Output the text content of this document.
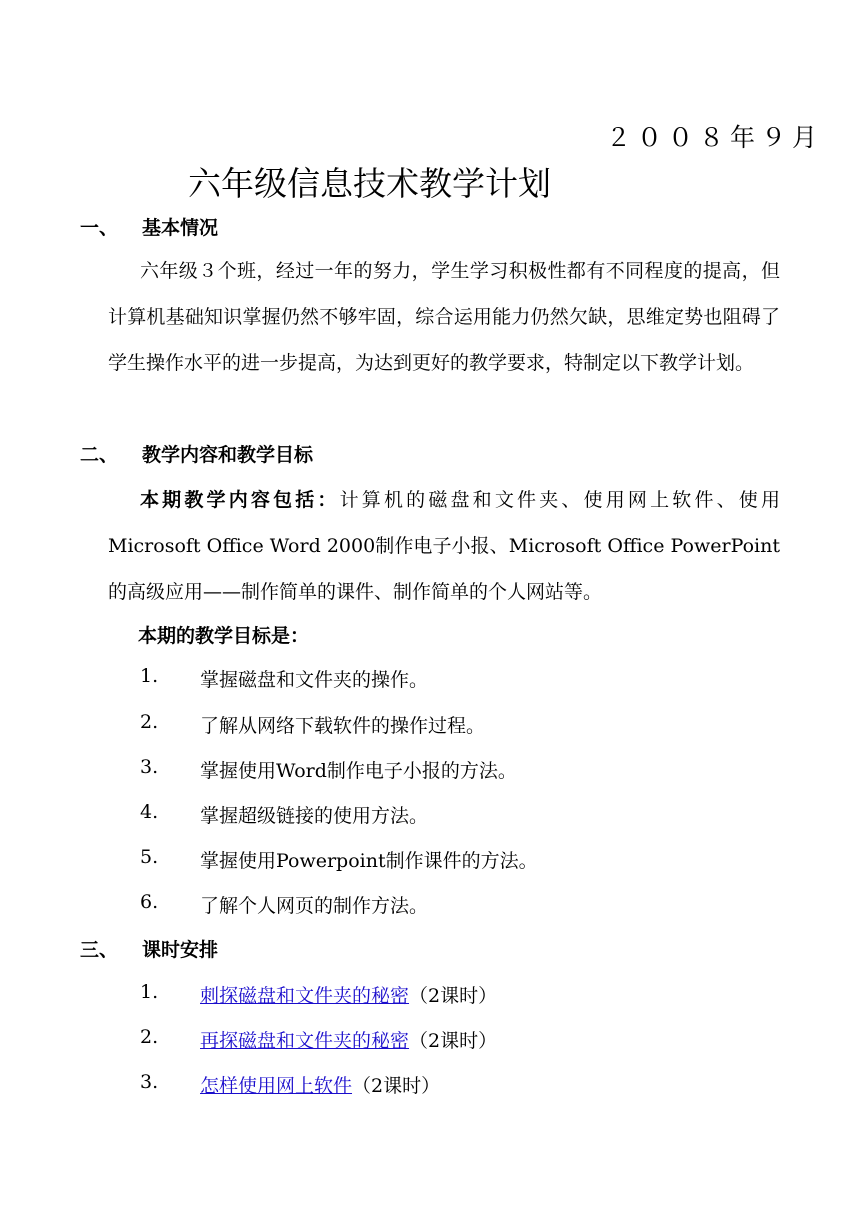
２００８年９月
六年级信息技术教学计划
一、 基本情况
六年级３个班，经过一年的努力，学生学习积极性都有不同程度的提高，但计算机基础知识掌握仍然不够牢固，综合运用能力仍然欠缺，思维定势也阻碍了学生操作水平的进一步提高，为达到更好的教学要求，特制定以下教学计划。
二、 教学内容和教学目标
本期教学内容包括：计算机的磁盘和文件夹、使用网上软件、使用Microsoft Office Word 2000制作电子小报、Microsoft Office PowerPoint的高级应用——制作简单的课件、制作简单的个人网站等。
本期的教学目标是：
1. 掌握磁盘和文件夹的操作。
2. 了解从网络下载软件的操作过程。
3. 掌握使用Word制作电子小报的方法。
4. 掌握超级链接的使用方法。
5. 掌握使用Powerpoint制作课件的方法。
6. 了解个人网页的制作方法。
三、 课时安排
1. 刺探磁盘和文件夹的秘密（2课时）
2. 再探磁盘和文件夹的秘密（2课时）
3. 怎样使用网上软件（2课时）
